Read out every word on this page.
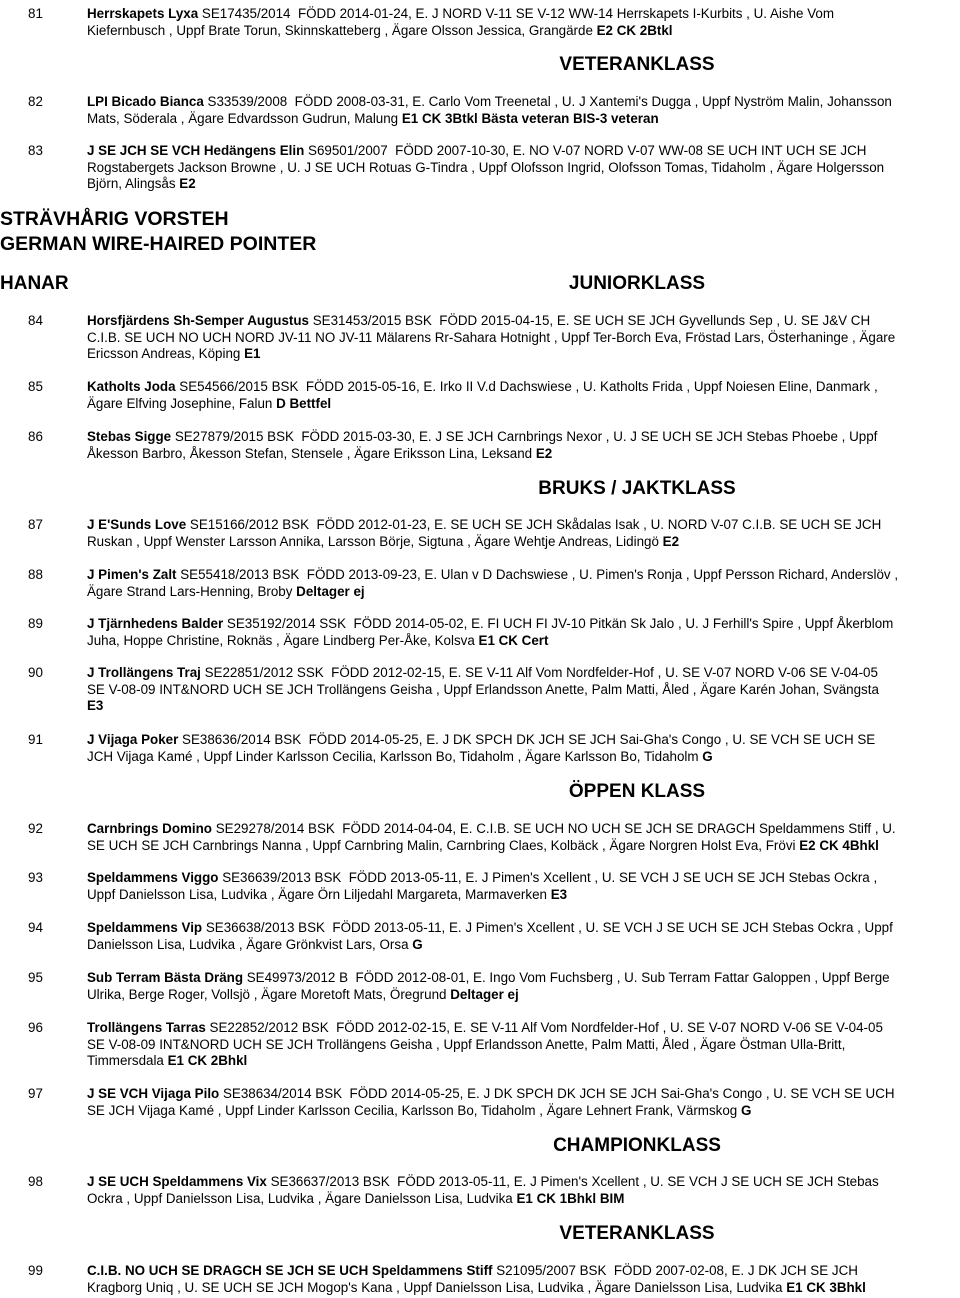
81	Herrskapets Lyxa SE17435/2014  FÖDD 2014-01-24, E. J NORD V-11 SE V-12 WW-14 Herrskapets I-Kurbits , U. Aishe Vom
Kiefernbusch , Uppf Brate Torun, Skinnskatteberg , Ägare Olsson Jessica, Grangärde E2 CK 2Btkl
VETERANKLASS
82	LPI Bicado Bianca S33539/2008  FÖDD 2008-03-31, E. Carlo Vom Treenetal , U. J Xantemi's Dugga , Uppf Nyström Malin, Johansson
Mats, Söderala , Ägare Edvardsson Gudrun, Malung E1 CK 3Btkl Bästa veteran BIS-3 veteran
83	J SE JCH SE VCH Hedängens Elin S69501/2007  FÖDD 2007-10-30, E. NO V-07 NORD V-07 WW-08 SE UCH INT UCH SE JCH
Rogstabergets Jackson Browne , U. J SE UCH Rotuas G-Tindra , Uppf Olofsson Ingrid, Olofsson Tomas, Tidaholm , Ägare Holgersson
Björn, Alingsås E2
STRÄVHÅRIG VORSTEH
GERMAN WIRE-HAIRED POINTER
HANAR	JUNIORKLASS
84	Horsfjärdens Sh-Semper Augustus SE31453/2015 BSK  FÖDD 2015-04-15, E. SE UCH SE JCH Gyvellunds Sep , U. SE J&V CH
C.I.B. SE UCH NO UCH NORD JV-11 NO JV-11 Mälarens Rr-Sahara Hotnight , Uppf Ter-Borch Eva, Fröstad Lars, Österhaninge , Ägare
Ericsson Andreas, Köping E1
85	Katholts Joda SE54566/2015 BSK  FÖDD 2015-05-16, E. Irko II V.d Dachswiese , U. Katholts Frida , Uppf Noiesen Eline, Danmark ,
Ägare Elfving Josephine, Falun D Bettfel
86	Stebas Sigge SE27879/2015 BSK  FÖDD 2015-03-30, E. J SE JCH Carnbrings Nexor , U. J SE UCH SE JCH Stebas Phoebe , Uppf
Åkesson Barbro, Åkesson Stefan, Stensele , Ägare Eriksson Lina, Leksand E2
BRUKS / JAKTKLASS
87	J E'Sunds Love SE15166/2012 BSK  FÖDD 2012-01-23, E. SE UCH SE JCH Skådalas Isak , U. NORD V-07 C.I.B. SE UCH SE JCH
Ruskan , Uppf Wenster Larsson Annika, Larsson Börje, Sigtuna , Ägare Wehtje Andreas, Lidingö E2
88	J Pimen's Zalt SE55418/2013 BSK  FÖDD 2013-09-23, E. Ulan v D Dachswiese , U. Pimen's Ronja , Uppf Persson Richard, Anderslöv ,
Ägare Strand Lars-Henning, Broby Deltager ej
89	J Tjärnhedens Balder SE35192/2014 SSK  FÖDD 2014-05-02, E. FI UCH FI JV-10 Pitkän Sk Jalo , U. J Ferhill's Spire , Uppf Åkerblom
Juha, Hoppe Christine, Roknäs , Ägare Lindberg Per-Åke, Kolsva E1 CK Cert
90	J Trollängens Traj SE22851/2012 SSK  FÖDD 2012-02-15, E. SE V-11 Alf Vom Nordfelder-Hof , U. SE V-07 NORD V-06 SE V-04-05
SE V-08-09 INT&NORD UCH SE JCH Trollängens Geisha , Uppf Erlandsson Anette, Palm Matti, Åled , Ägare Karén Johan, Svängsta
E3
91	J Vijaga Poker SE38636/2014 BSK  FÖDD 2014-05-25, E. J DK SPCH DK JCH SE JCH Sai-Gha's Congo , U. SE VCH SE UCH SE
JCH Vijaga Kamé , Uppf Linder Karlsson Cecilia, Karlsson Bo, Tidaholm , Ägare Karlsson Bo, Tidaholm G
ÖPPEN KLASS
92	Carnbrings Domino SE29278/2014 BSK  FÖDD 2014-04-04, E. C.I.B. SE UCH NO UCH SE JCH SE DRAGCH Speldammens Stiff , U.
SE UCH SE JCH Carnbrings Nanna , Uppf Carnbring Malin, Carnbring Claes, Kolbäck , Ägare Norgren Holst Eva, Frövi E2 CK 4Bhkl
93	Speldammens Viggo SE36639/2013 BSK  FÖDD 2013-05-11, E. J Pimen's Xcellent , U. SE VCH J SE UCH SE JCH Stebas Ockra ,
Uppf Danielsson Lisa, Ludvika , Ägare Örn Liljedahl Margareta, Marmaverken E3
94	Speldammens Vip SE36638/2013 BSK  FÖDD 2013-05-11, E. J Pimen's Xcellent , U. SE VCH J SE UCH SE JCH Stebas Ockra , Uppf
Danielsson Lisa, Ludvika , Ägare Grönkvist Lars, Orsa G
95	Sub Terram Bästa Dräng SE49973/2012 B  FÖDD 2012-08-01, E. Ingo Vom Fuchsberg , U. Sub Terram Fattar Galoppen , Uppf Berge
Ulrika, Berge Roger, Vollsjö , Ägare Moretoft Mats, Öregrund Deltager ej
96	Trollängens Tarras SE22852/2012 BSK  FÖDD 2012-02-15, E. SE V-11 Alf Vom Nordfelder-Hof , U. SE V-07 NORD V-06 SE V-04-05
SE V-08-09 INT&NORD UCH SE JCH Trollängens Geisha , Uppf Erlandsson Anette, Palm Matti, Åled , Ägare Östman Ulla-Britt,
Timmersdala E1 CK 2Bhkl
97	J SE VCH Vijaga Pilo SE38634/2014 BSK  FÖDD 2014-05-25, E. J DK SPCH DK JCH SE JCH Sai-Gha's Congo , U. SE VCH SE UCH
SE JCH Vijaga Kamé , Uppf Linder Karlsson Cecilia, Karlsson Bo, Tidaholm , Ägare Lehnert Frank, Värmskog G
CHAMPIONKLASS
98	J SE UCH Speldammens Vix SE36637/2013 BSK  FÖDD 2013-05-11, E. J Pimen's Xcellent , U. SE VCH J SE UCH SE JCH Stebas
Ockra , Uppf Danielsson Lisa, Ludvika , Ägare Danielsson Lisa, Ludvika E1 CK 1Bhkl BIM
VETERANKLASS
99	C.I.B. NO UCH SE DRAGCH SE JCH SE UCH Speldammens Stiff S21095/2007 BSK  FÖDD 2007-02-08, E. J DK JCH SE JCH
Kragborg Uniq , U. SE UCH SE JCH Mogop's Kana , Uppf Danielsson Lisa, Ludvika , Ägare Danielsson Lisa, Ludvika E1 CK 3Bhkl
